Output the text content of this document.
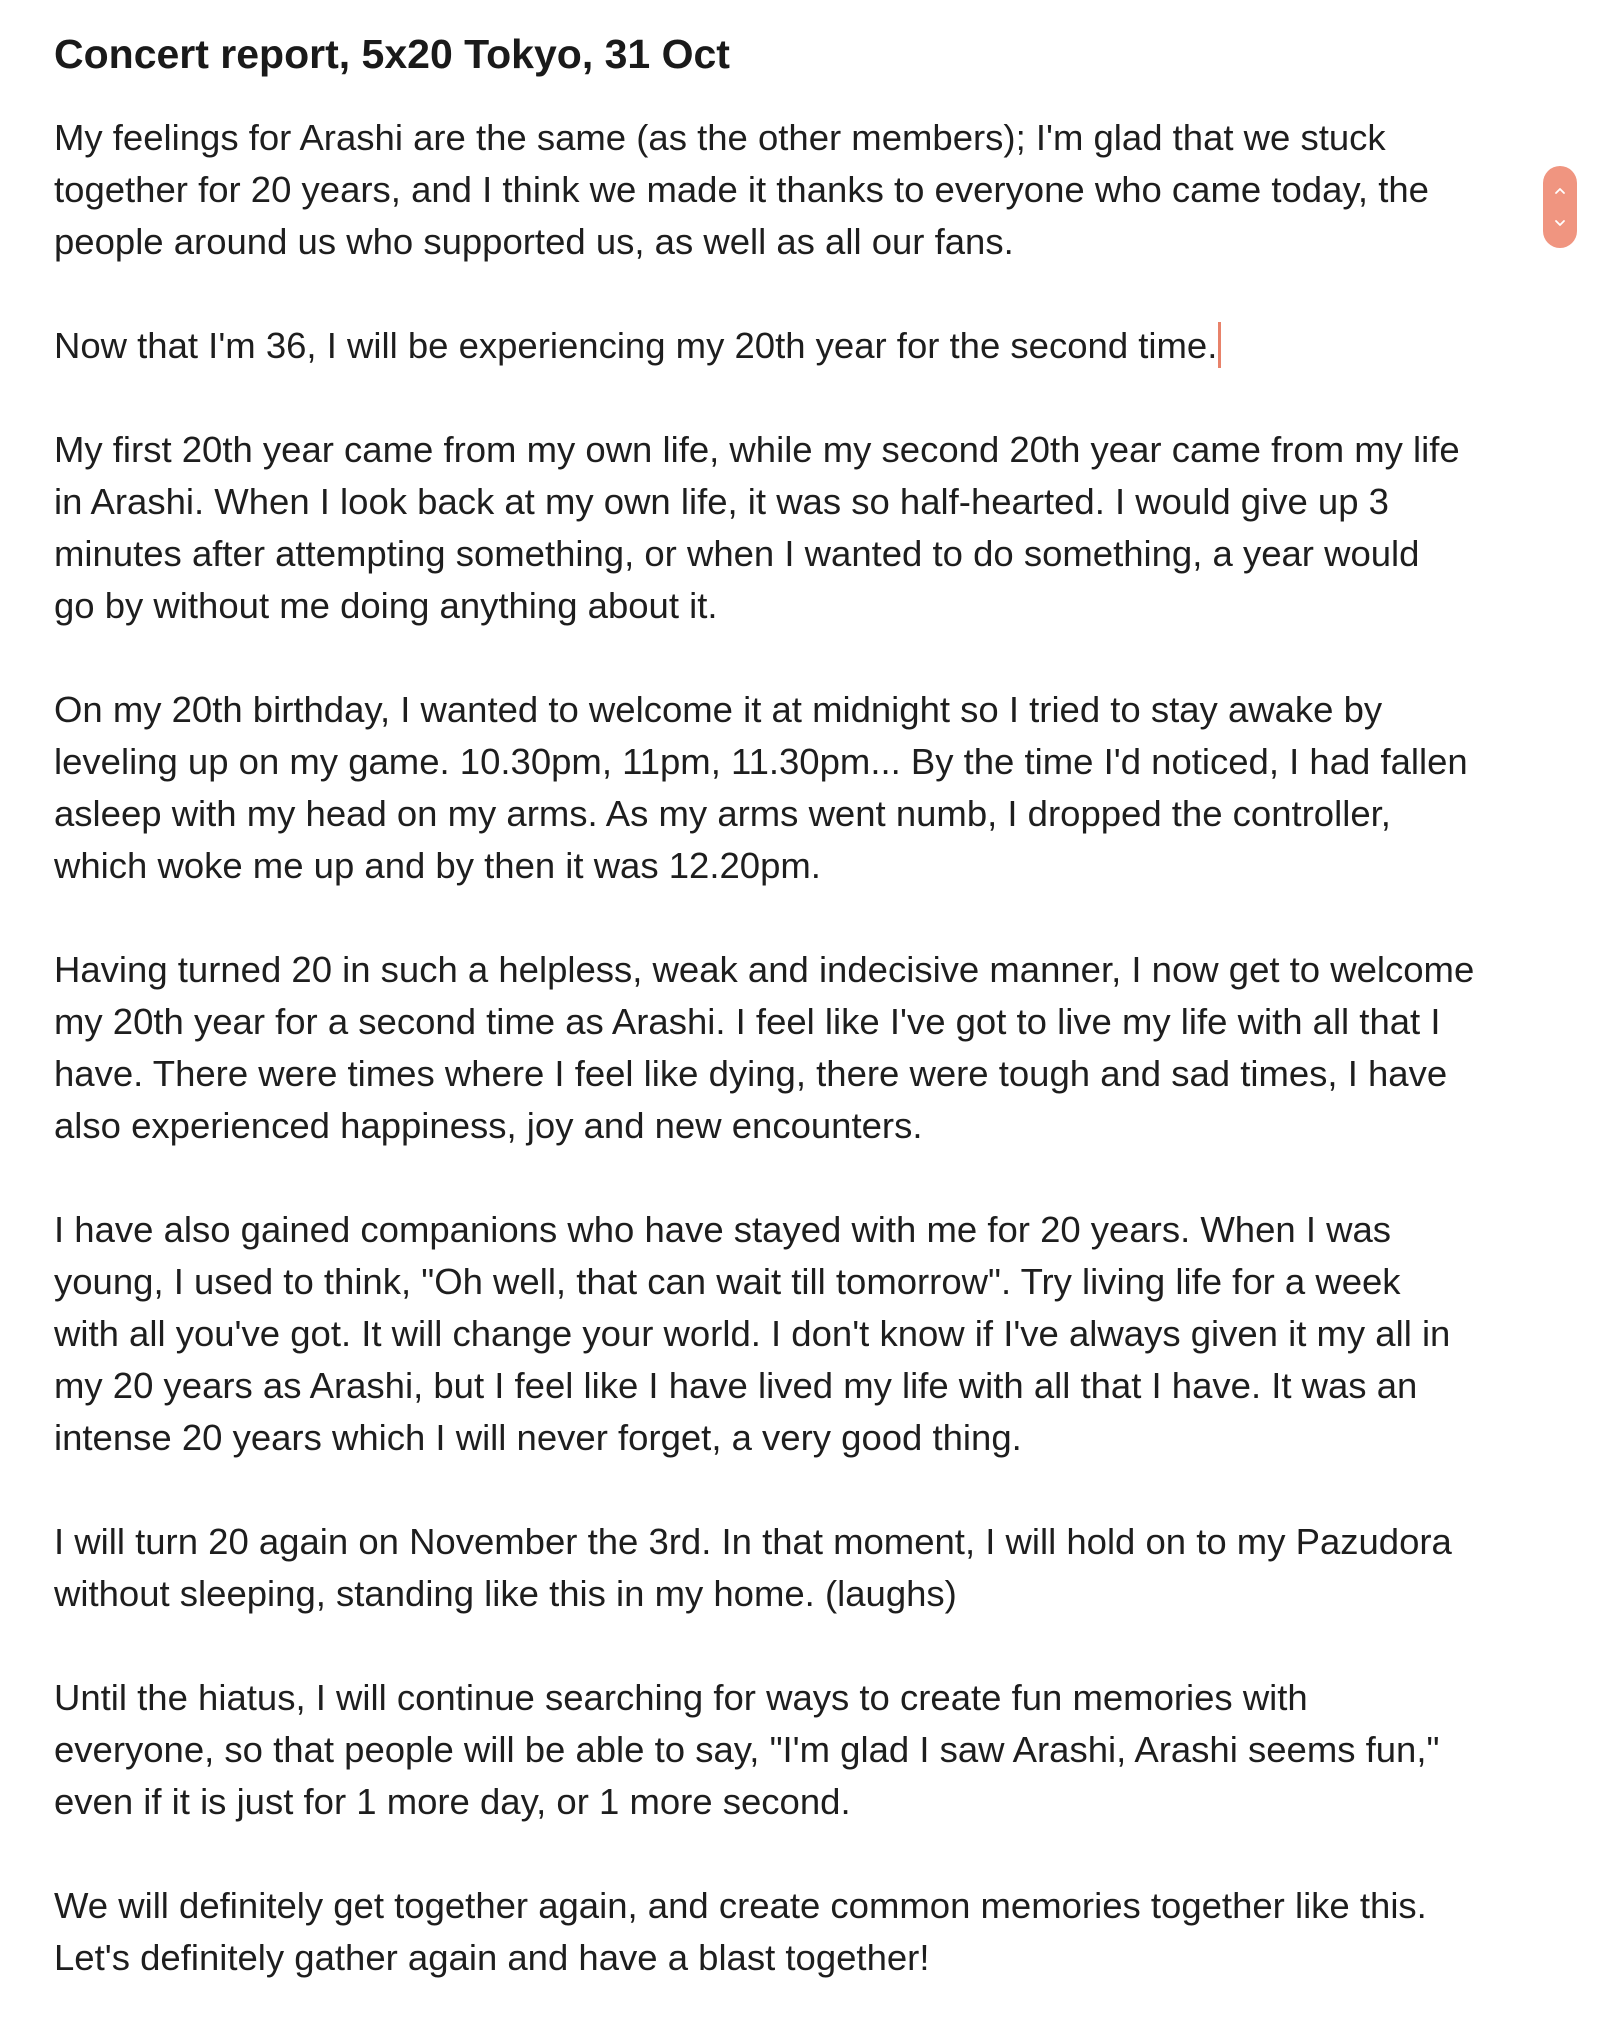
Concert report, 5x20 Tokyo, 31 Oct

My feelings for Arashi are the same (as the other members); I'm glad that we stuck
together for 20 years, and I think we made it thanks to everyone who came today, the
people around us who supported us, as well as all our fans.

Now that I'm 36, I will be experiencing my 20th year for the second time.

My first 20th year came from my own life, while my second 20th year came from my life
in Arashi. When I look back at my own life, it was so half-hearted. I would give up 3
minutes after attempting something, or when I wanted to do something, a year would
go by without me doing anything about it.

On my 20th birthday, I wanted to welcome it at midnight so I tried to stay awake by
leveling up on my game. 10.30pm, 11pm, 11.30pm... By the time I'd noticed, I had fallen
asleep with my head on my arms. As my arms went numb, I dropped the controller,
which woke me up and by then it was 12.20pm.

Having turned 20 in such a helpless, weak and indecisive manner, I now get to welcome
my 20th year for a second time as Arashi. I feel like I've got to live my life with all that I
have. There were times where I feel like dying, there were tough and sad times, I have
also experienced happiness, joy and new encounters.

I have also gained companions who have stayed with me for 20 years. When I was
young, I used to think, "Oh well, that can wait till tomorrow". Try living life for a week
with all you've got. It will change your world. I don't know if I've always given it my all in
my 20 years as Arashi, but I feel like I have lived my life with all that I have. It was an
intense 20 years which I will never forget, a very good thing.

I will turn 20 again on November the 3rd. In that moment, I will hold on to my Pazudora
without sleeping, standing like this in my home. (laughs)

Until the hiatus, I will continue searching for ways to create fun memories with
everyone, so that people will be able to say, "I'm glad I saw Arashi, Arashi seems fun,"
even if it is just for 1 more day, or 1 more second.

We will definitely get together again, and create common memories together like this.
Let's definitely gather again and have a blast together!
